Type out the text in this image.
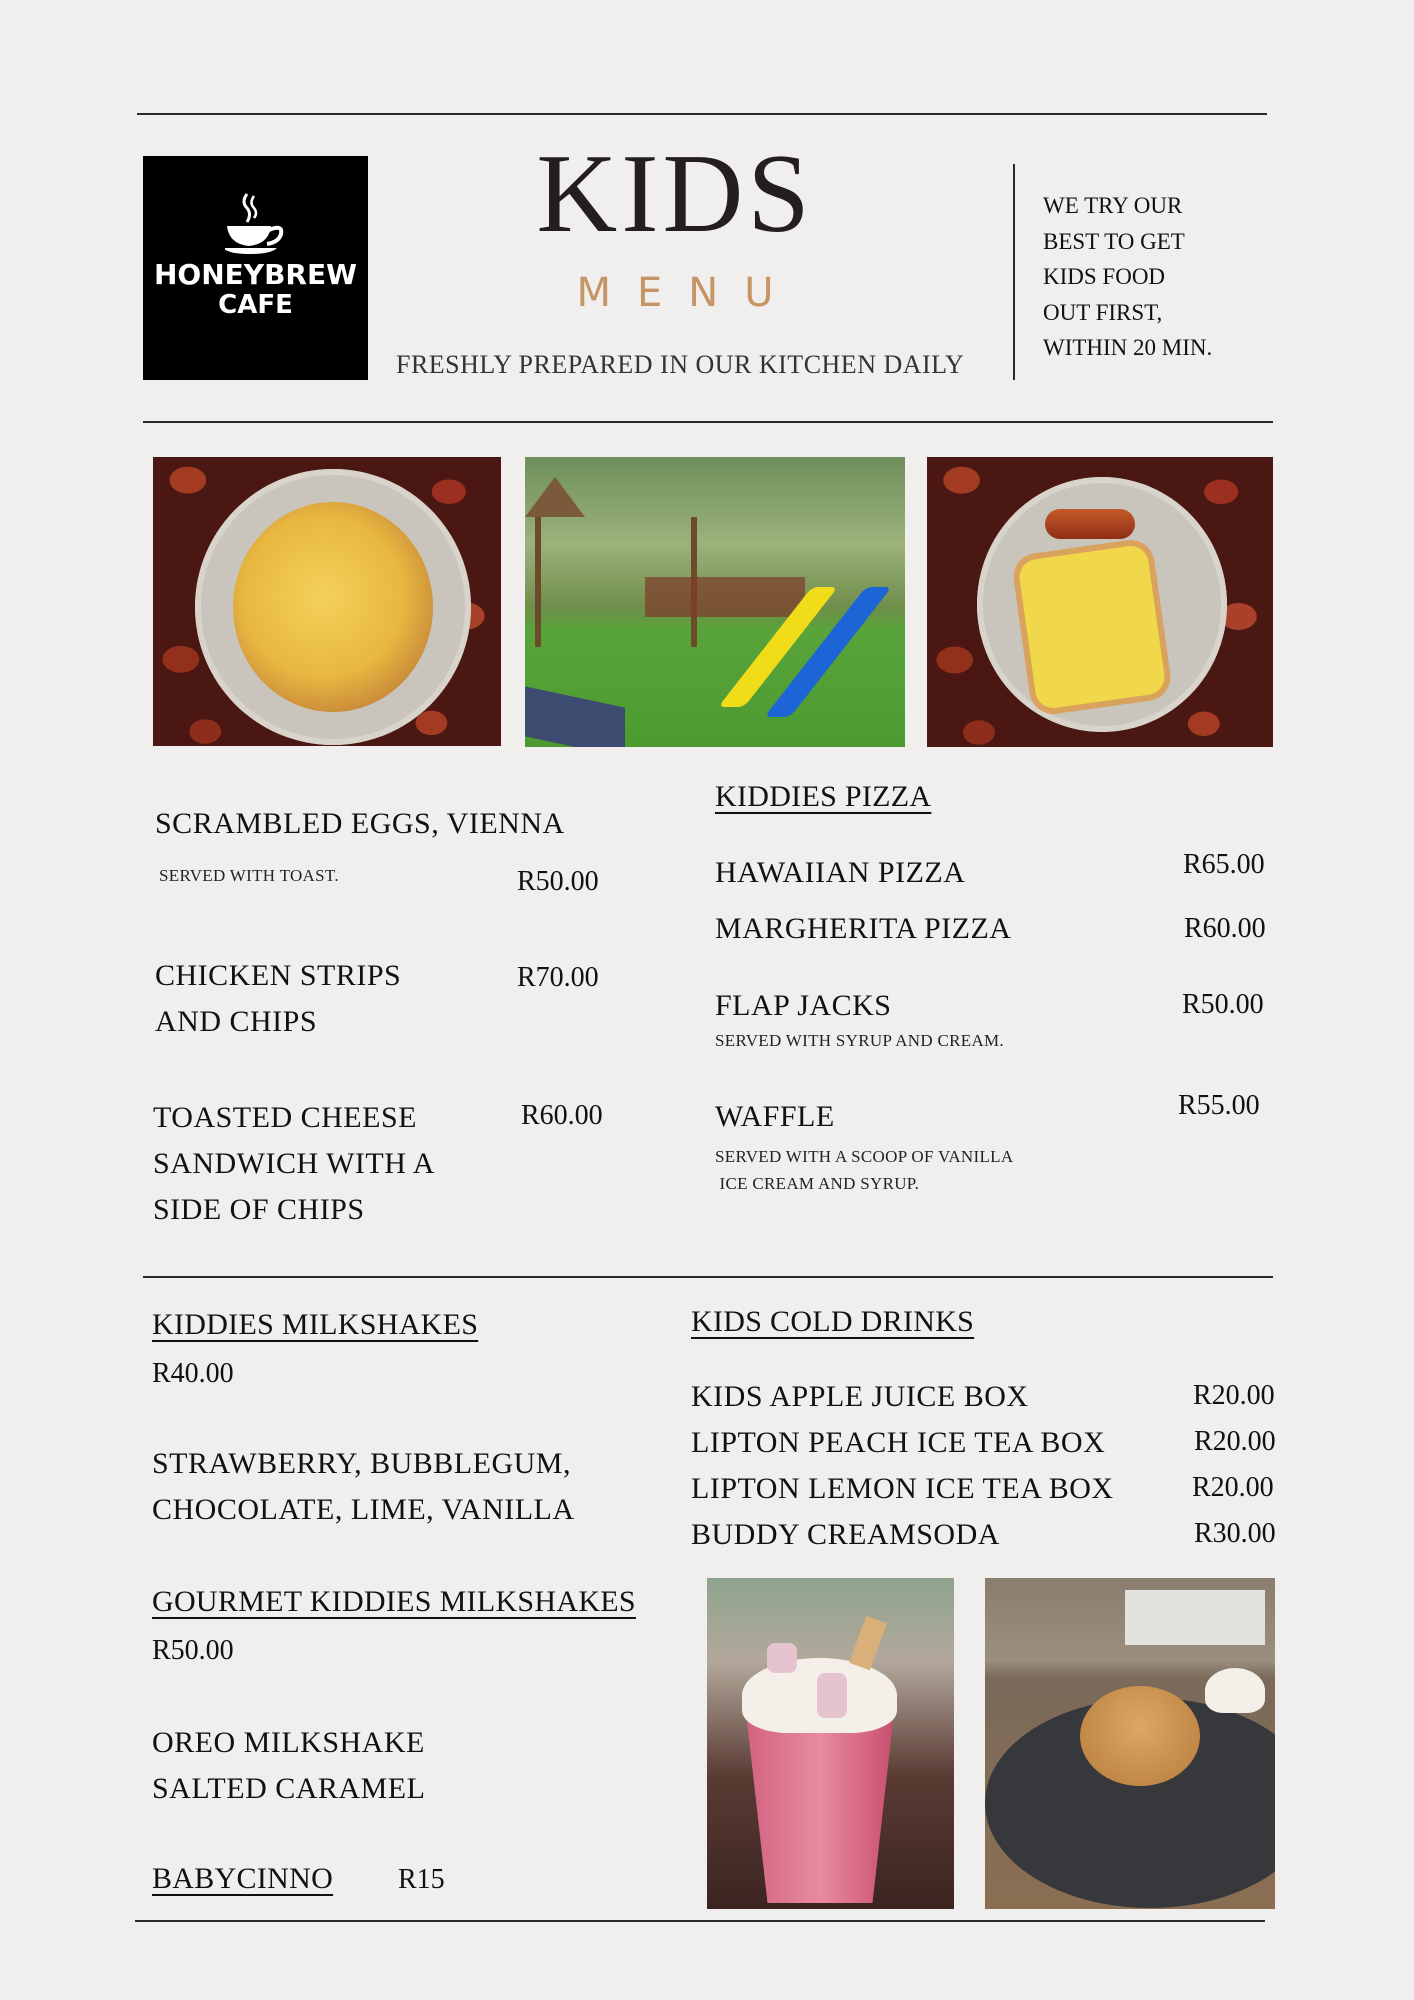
HONEYBREW
CAFE
KIDS
MENU
FRESHLY PREPARED IN OUR KITCHEN DAILY
WE TRY OUR
BEST TO GET
KIDS FOOD
OUT FIRST,
WITHIN 20 MIN.
SCRAMBLED EGGS, VIENNA
SERVED WITH TOAST.	R50.00
CHICKEN STRIPS
AND CHIPS
R70.00
TOASTED CHEESE
SANDWICH WITH A
SIDE OF CHIPS
R60.00
KIDDIES PIZZA
HAWAIIAN PIZZA	R65.00
MARGHERITA PIZZA	R60.00
FLAP JACKS
SERVED WITH SYRUP AND CREAM.
R50.00
WAFFLE
SERVED WITH A SCOOP OF VANILLA
ICE CREAM AND SYRUP.
R55.00
KIDDIES MILKSHAKES
R40.00
STRAWBERRY, BUBBLEGUM,
CHOCOLATE, LIME, VANILLA
GOURMET KIDDIES MILKSHAKES
R50.00
OREO MILKSHAKE
SALTED CARAMEL
BABYCINNO R15
KIDS COLD DRINKS
KIDS APPLE JUICE BOX	R20.00
LIPTON PEACH ICE TEA BOX	R20.00
LIPTON LEMON ICE TEA BOX	R20.00
BUDDY CREAMSODA	R30.00
